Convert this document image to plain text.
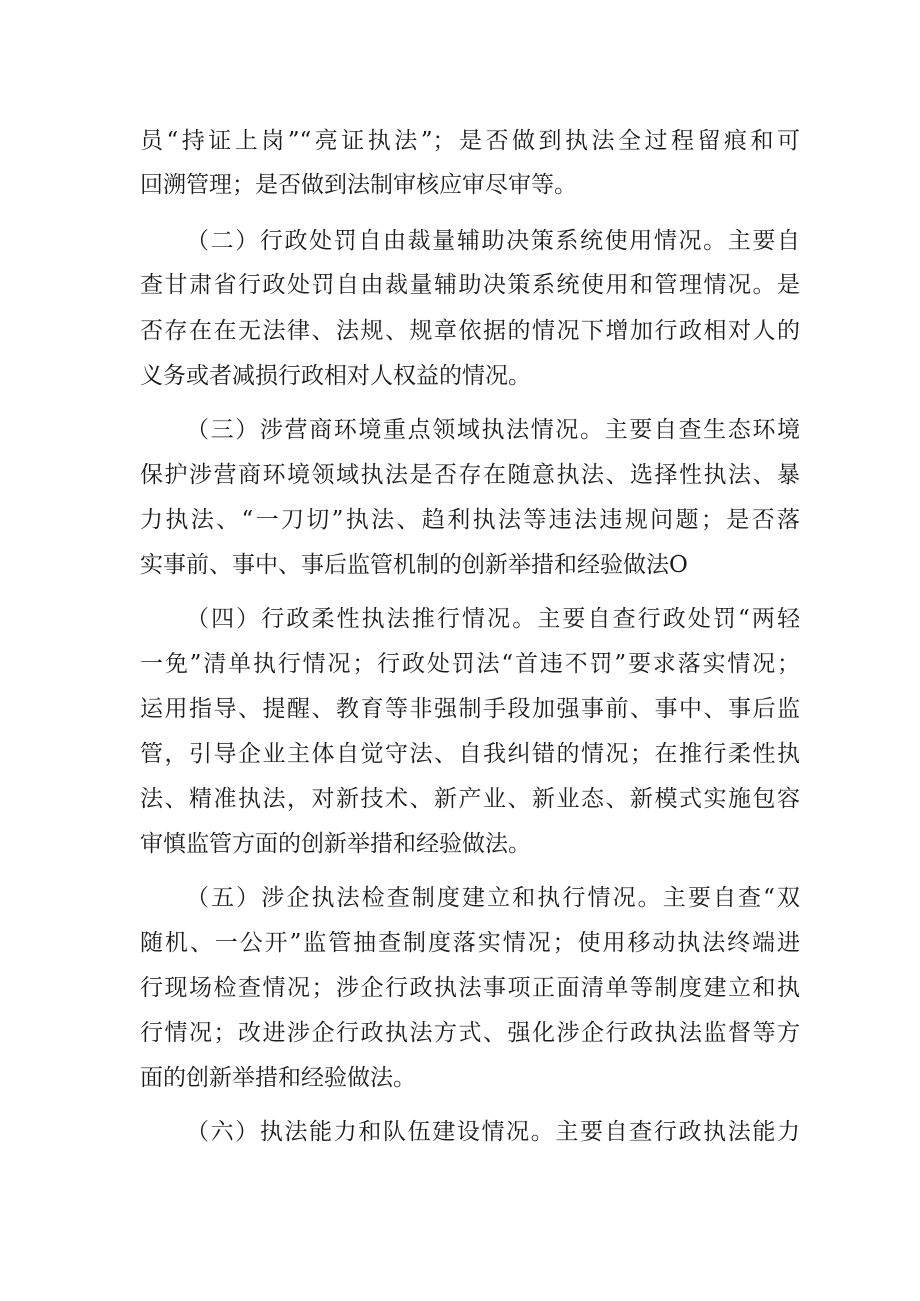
员“持证上岗”“亮证执法”；是否做到执法全过程留痕和可
回溯管理；是否做到法制审核应审尽审等。
（二）行政处罚自由裁量辅助决策系统使用情况。主要自
查甘肃省行政处罚自由裁量辅助决策系统使用和管理情况。是
否存在在无法律、法规、规章依据的情况下增加行政相对人的
义务或者减损行政相对人权益的情况。
（三）涉营商环境重点领域执法情况。主要自查生态环境
保护涉营商环境领域执法是否存在随意执法、选择性执法、暴
力执法、“一刀切”执法、趋利执法等违法违规问题；是否落
实事前、事中、事后监管机制的创新举措和经验做法O
（四）行政柔性执法推行情况。主要自查行政处罚“两轻
一免”清单执行情况；行政处罚法“首违不罚”要求落实情况；
运用指导、提醒、教育等非强制手段加强事前、事中、事后监
管，引导企业主体自觉守法、自我纠错的情况；在推行柔性执
法、精准执法，对新技术、新产业、新业态、新模式实施包容
审慎监管方面的创新举措和经验做法。
（五）涉企执法检查制度建立和执行情况。主要自查“双
随机、一公开”监管抽查制度落实情况；使用移动执法终端进
行现场检查情况；涉企行政执法事项正面清单等制度建立和执
行情况；改进涉企行政执法方式、强化涉企行政执法监督等方
面的创新举措和经验做法。
（六）执法能力和队伍建设情况。主要自查行政执法能力
